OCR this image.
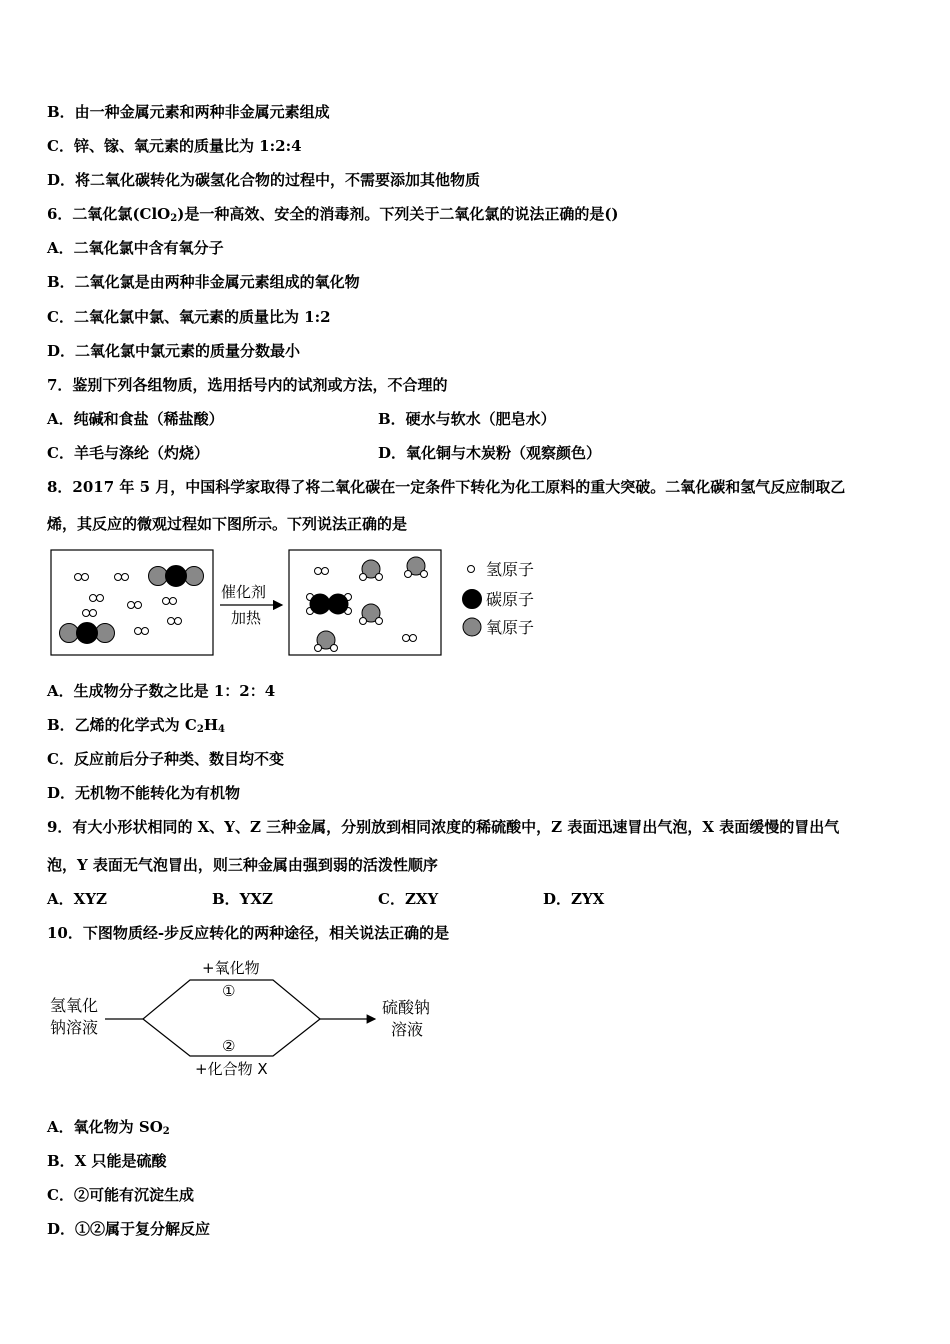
B．由一种金属元素和两种非金属元素组成
C．锌、镓、氧元素的质量比为 1:2:4
D．将二氧化碳转化为碳氢化合物的过程中，不需要添加其他物质
6．二氧化氯(ClO$_2$)是一种高效、安全的消毒剂。下列关于二氧化氯的说法正确的是()
A．二氧化氯中含有氧分子
B．二氧化氯是由两种非金属元素组成的氧化物
C．二氧化氯中氯、氧元素的质量比为 1:2
D．二氧化氯中氯元素的质量分数最小
7．鉴别下列各组物质，选用括号内的试剂或方法，不合理的
A．纯碱和食盐（稀盐酸）	B．硬水与软水（肥皂水）
C．羊毛与涤纶（灼烧）	D．氧化铜与木炭粉（观察颜色）
8．2017 年 5 月，中国科学家取得了将二氧化碳在一定条件下转化为化工原料的重大突破。二氧化碳和氢气反应制取乙
烯，其反应的微观过程如下图所示。下列说法正确的是
催化剂
加热
氢原子
碳原子
氧原子
A．生成物分子数之比是 1：2：4
B．乙烯的化学式为 $C_2H_4$
C．反应前后分子种类、数目均不变
D．无机物不能转化为有机物
9．有大小形状相同的 X、Y、Z 三种金属，分别放到相同浓度的稀硫酸中，Z 表面迅速冒出气泡，X 表面缓慢的冒出气
泡，Y 表面无气泡冒出，则三种金属由强到弱的活泼性顺序
A．XYZ	B．YXZ	C．ZXY	D．ZYX
10．下图物质经-步反应转化的两种途径，相关说法正确的是
氢氧化
钠溶液
+氧化物
①
②
+化合物 X
硫酸钠
溶液
A．氧化物为 $SO_2$
B．X 只能是硫酸
C．②可能有沉淀生成
D．①②属于复分解反应
